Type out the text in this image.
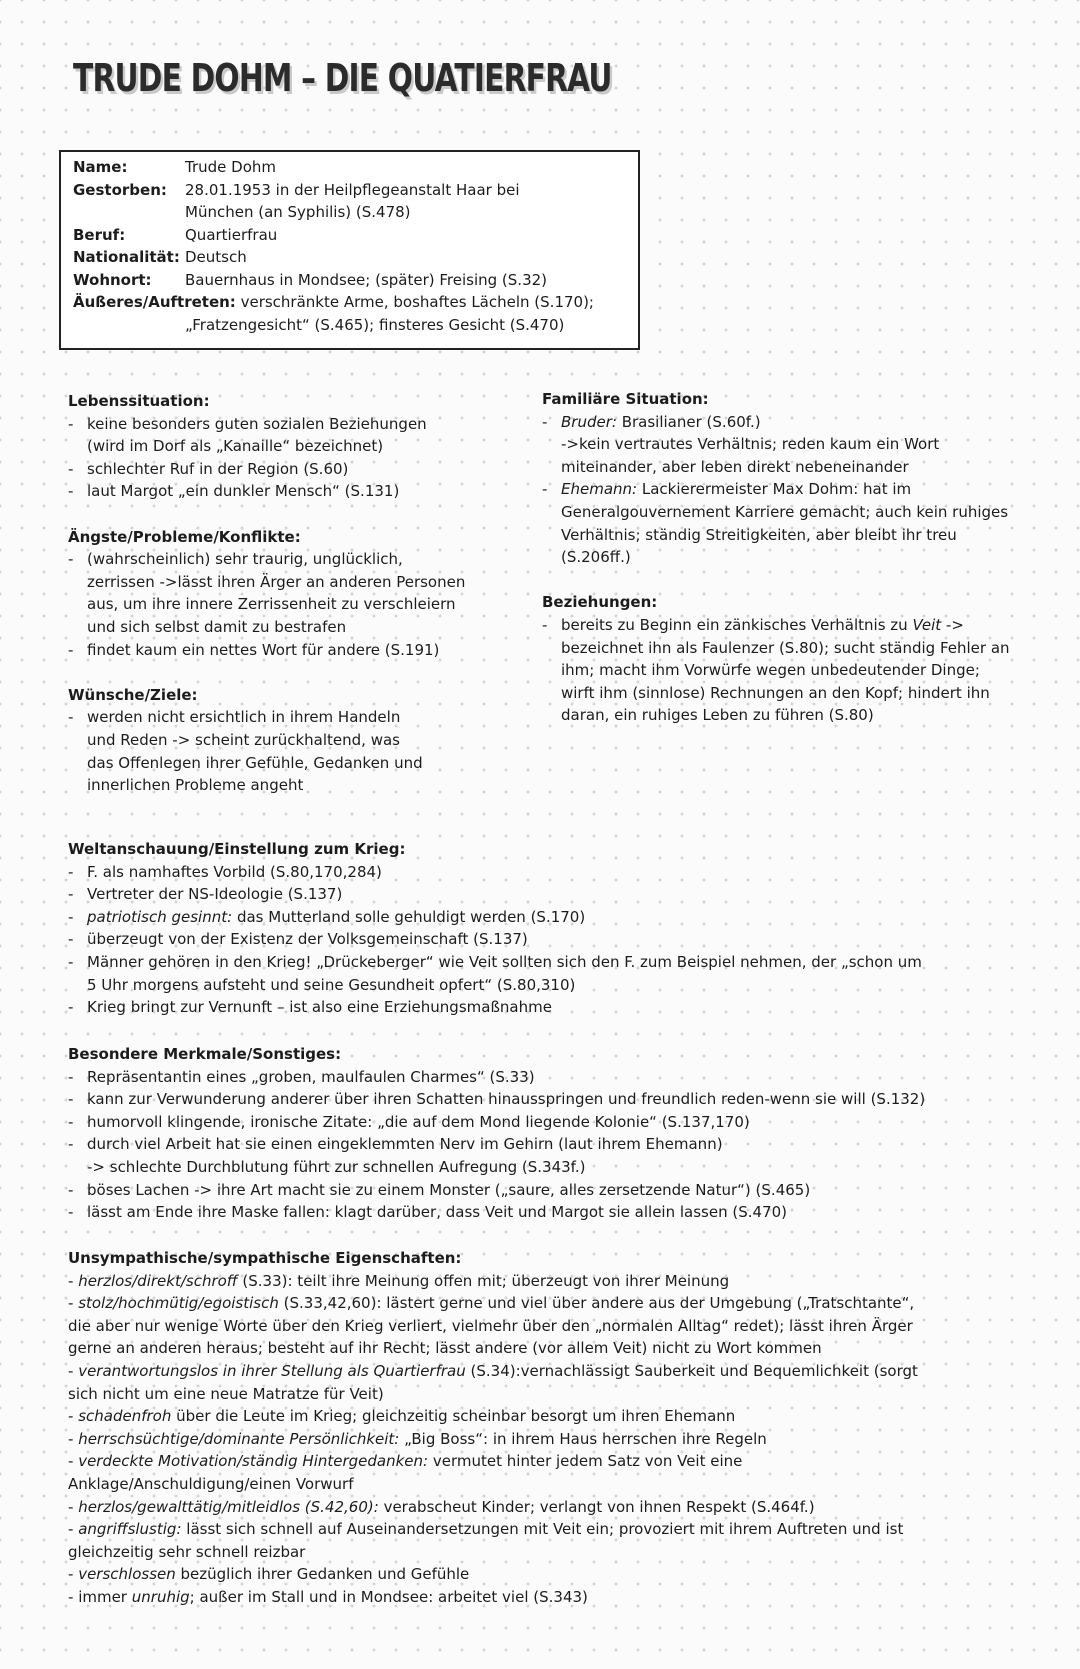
TRUDE DOHM – DIE QUATIERFRAU
Name:	Trude Dohm
Gestorben: 28.01.1953 in der Heilpflegeanstalt Haar bei
München (an Syphilis) (S.478)
Beruf:	Quartierfrau
Nationalität: Deutsch
Wohnort: Bauernhaus in Mondsee; (später) Freising (S.32)
Äußeres/Auftreten: verschränkte Arme, boshaftes Lächeln (S.170);
„Fratzengesicht“ (S.465); finsteres Gesicht (S.470)

Lebenssituation:

- keine besonders guten sozialen Beziehungen (wird im Dorf als „Kanaille“ bezeichnet)

- schlechter Ruf in der Region (S.60)

- laut Margot „ein dunkler Mensch“ (S.131)

Ängste/Probleme/Konflikte:

- (wahrscheinlich) sehr traurig, unglücklich, zerrissen ->lässt ihren Ärger an anderen Personen aus, um ihre innere Zerrissenheit zu verschleiern und sich selbst damit zu bestrafen

- findet kaum ein nettes Wort für andere (S.191)

Wünsche/Ziele:

- werden nicht ersichtlich in ihrem Handeln und Reden -> scheint zurückhaltend, was das Offenlegen ihrer Gefühle, Gedanken und innerlichen Probleme angeht

Familiäre Situation:

- Bruder: Brasilianer (S.60f.)

->kein vertrautes Verhältnis; reden kaum ein Wort miteinander, aber leben direkt nebeneinander

- Ehemann: Lackierermeister Max Dohm: hat im Generalgouvernement Karriere gemacht; auch kein ruhiges Verhältnis; ständig Streitigkeiten, aber bleibt ihr treu (S.206ff.)

Beziehungen:

- bereits zu Beginn ein zänkisches Verhältnis zu Veit -> bezeichnet ihn als Faulenzer (S.80); sucht ständig Fehler an ihm; macht ihm Vorwürfe wegen unbedeutender Dinge; wirft ihm (sinnlose) Rechnungen an den Kopf; hindert ihn daran, ein ruhiges Leben zu führen (S.80)

Weltanschauung/Einstellung zum Krieg:

- F. als namhaftes Vorbild (S.80,170,284)

- Vertreter der NS-Ideologie (S.137)

- patriotisch gesinnt: das Mutterland solle gehuldigt werden (S.170)

- überzeugt von der Existenz der Volksgemeinschaft (S.137)

- Männer gehören in den Krieg! „Drückeberger“ wie Veit sollten sich den F. zum Beispiel nehmen, der „schon um

5 Uhr morgens aufsteht und seine Gesundheit opfert“ (S.80,310)

- Krieg bringt zur Vernunft – ist also eine Erziehungsmaßnahme

Besondere Merkmale/Sonstiges:

- Repräsentantin eines „groben, maulfaulen Charmes“ (S.33)

- kann zur Verwunderung anderer über ihren Schatten hinausspringen und freundlich reden-wenn sie will (S.132)

- humorvoll klingende, ironische Zitate: „die auf dem Mond liegende Kolonie“ (S.137,170)

- durch viel Arbeit hat sie einen eingeklemmten Nerv im Gehirn (laut ihrem Ehemann)

-> schlechte Durchblutung führt zur schnellen Aufregung (S.343f.)

- böses Lachen -> ihre Art macht sie zu einem Monster („saure, alles zersetzende Natur“) (S.465)

- lässt am Ende ihre Maske fallen: klagt darüber, dass Veit und Margot sie allein lassen (S.470)

Unsympathische/sympathische Eigenschaften:

- herzlos/direkt/schroff (S.33): teilt ihre Meinung offen mit; überzeugt von ihrer Meinung

- stolz/hochmütig/egoistisch (S.33,42,60): lästert gerne und viel über andere aus der Umgebung („Tratschtante“,

die aber nur wenige Worte über den Krieg verliert, vielmehr über den „normalen Alltag“ redet); lässt ihren Ärger

gerne an anderen heraus; besteht auf ihr Recht; lässt andere (vor allem Veit) nicht zu Wort kommen

- verantwortungslos in ihrer Stellung als Quartierfrau (S.34):vernachlässigt Sauberkeit und Bequemlichkeit (sorgt

sich nicht um eine neue Matratze für Veit)

- schadenfroh über die Leute im Krieg; gleichzeitig scheinbar besorgt um ihren Ehemann

- herrschsüchtige/dominante Persönlichkeit: „Big Boss“: in ihrem Haus herrschen ihre Regeln

- verdeckte Motivation/ständig Hintergedanken: vermutet hinter jedem Satz von Veit eine

Anklage/Anschuldigung/einen Vorwurf

- herzlos/gewalttätig/mitleidlos (S.42,60): verabscheut Kinder; verlangt von ihnen Respekt (S.464f.)

- angriffslustig: lässt sich schnell auf Auseinandersetzungen mit Veit ein; provoziert mit ihrem Auftreten und ist

gleichzeitig sehr schnell reizbar

- verschlossen bezüglich ihrer Gedanken und Gefühle

- immer unruhig; außer im Stall und in Mondsee: arbeitet viel (S.343)
